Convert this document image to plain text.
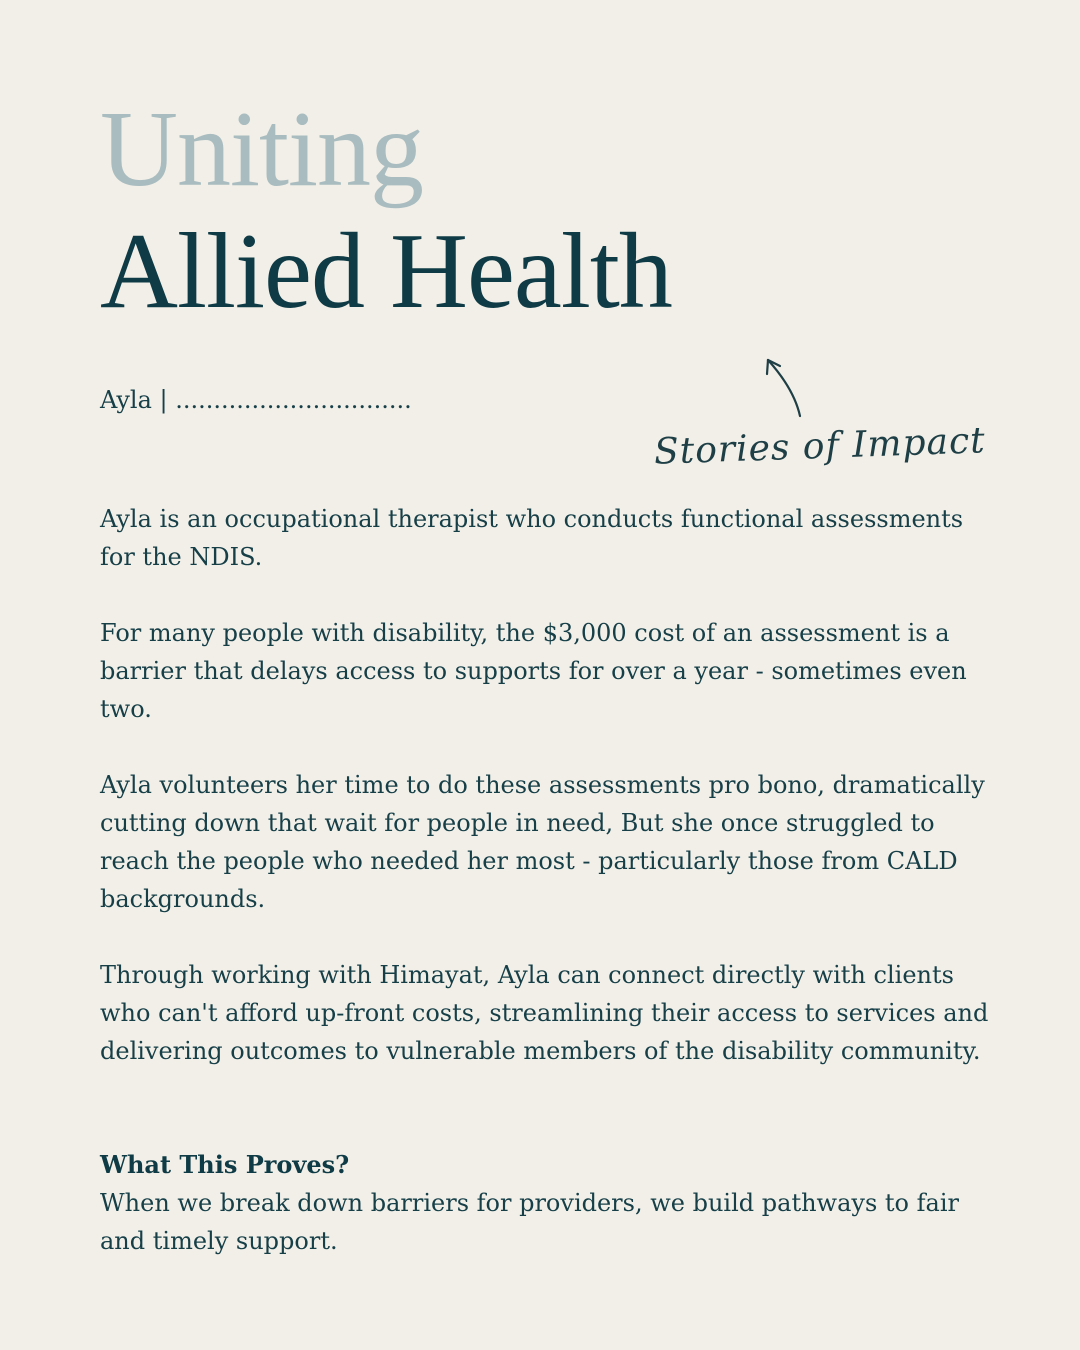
Uniting
Allied Health
Ayla | ...............................
Stories of Impact

Ayla is an occupational therapist who conducts functional assessments for the NDIS.

For many people with disability, the $3,000 cost of an assessment is a barrier that delays access to supports for over a year - sometimes even two.

Ayla volunteers her time to do these assessments pro bono, dramatically cutting down that wait for people in need, But she once struggled to reach the people who needed her most - particularly those from CALD backgrounds.

Through working with Himayat, Ayla can connect directly with clients who can't afford up-front costs, streamlining their access to services and delivering outcomes to vulnerable members of the disability community.

What This Proves?

When we break down barriers for providers, we build pathways to fair and timely support.
